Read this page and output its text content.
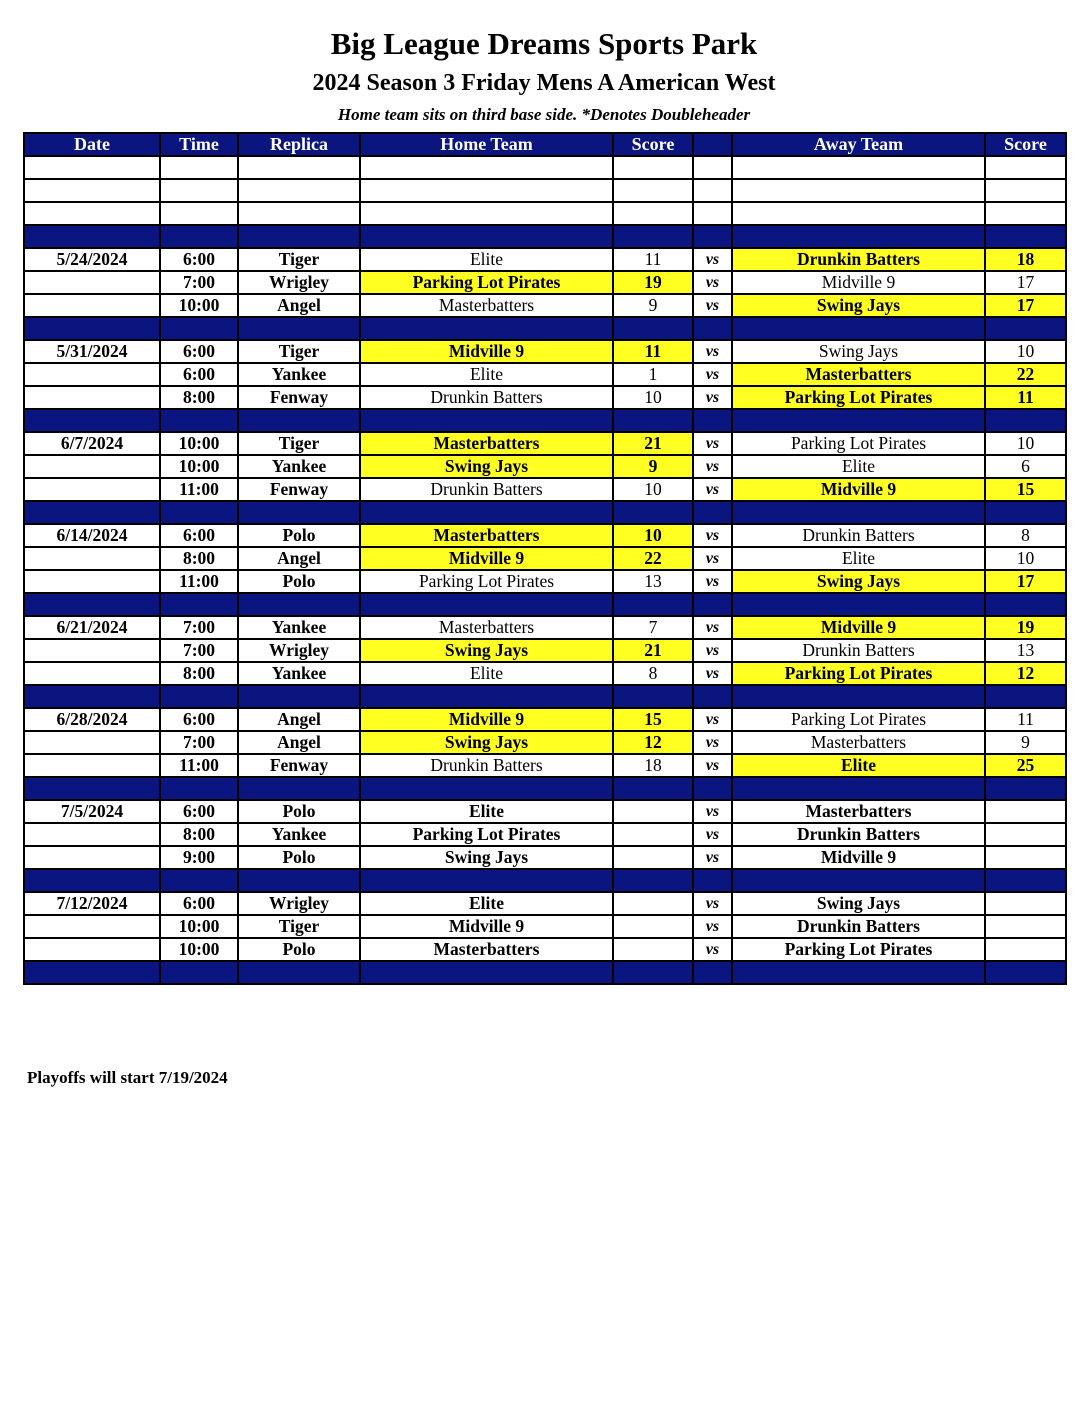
Big League Dreams Sports Park
2024 Season 3 Friday Mens A American West
Home team sits on third base side. *Denotes Doubleheader
Date	Time	Replica	Home Team	Score		Away Team	Score

5/24/2024	6:00	Tiger	Elite	11	vs	Drunkin Batters	18
	7:00	Wrigley	Parking Lot Pirates	19	vs	Midville 9	17
	10:00	Angel	Masterbatters	9	vs	Swing Jays	17

5/31/2024	6:00	Tiger	Midville 9	11	vs	Swing Jays	10
	6:00	Yankee	Elite	1	vs	Masterbatters	22
	8:00	Fenway	Drunkin Batters	10	vs	Parking Lot Pirates	11

6/7/2024	10:00	Tiger	Masterbatters	21	vs	Parking Lot Pirates	10
	10:00	Yankee	Swing Jays	9	vs	Elite	6
	11:00	Fenway	Drunkin Batters	10	vs	Midville 9	15

6/14/2024	6:00	Polo	Masterbatters	10	vs	Drunkin Batters	8
	8:00	Angel	Midville 9	22	vs	Elite	10
	11:00	Polo	Parking Lot Pirates	13	vs	Swing Jays	17

6/21/2024	7:00	Yankee	Masterbatters	7	vs	Midville 9	19
	7:00	Wrigley	Swing Jays	21	vs	Drunkin Batters	13
	8:00	Yankee	Elite	8	vs	Parking Lot Pirates	12

6/28/2024	6:00	Angel	Midville 9	15	vs	Parking Lot Pirates	11
	7:00	Angel	Swing Jays	12	vs	Masterbatters	9
	11:00	Fenway	Drunkin Batters	18	vs	Elite	25

7/5/2024	6:00	Polo	Elite		vs	Masterbatters	
	8:00	Yankee	Parking Lot Pirates		vs	Drunkin Batters	
	9:00	Polo	Swing Jays		vs	Midville 9	

7/12/2024	6:00	Wrigley	Elite		vs	Swing Jays	
	10:00	Tiger	Midville 9		vs	Drunkin Batters	
	10:00	Polo	Masterbatters		vs	Parking Lot Pirates	

Playoffs will start 7/19/2024
